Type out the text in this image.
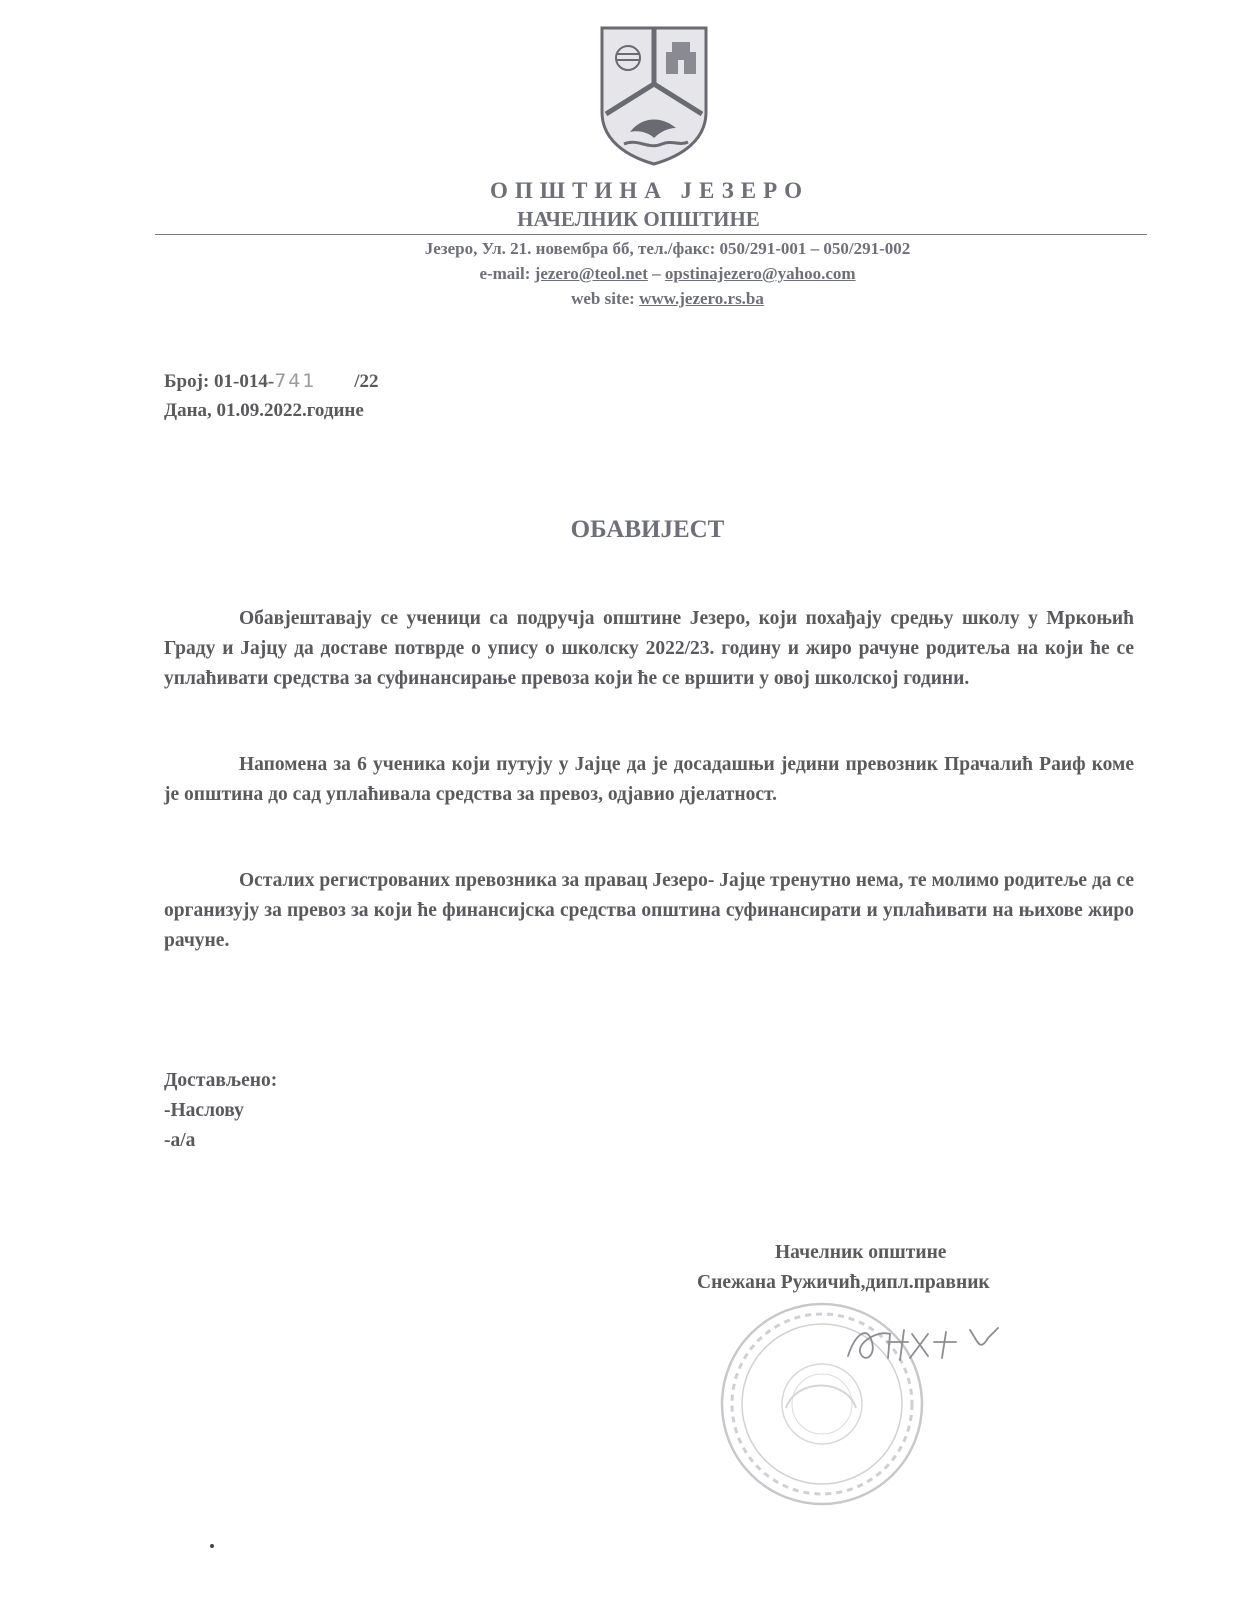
ОПШТИНА ЈЕЗЕРО
НАЧЕЛНИК ОПШТИНЕ
Језеро, Ул. 21. новембра бб, тел./факс: 050/291-001 – 050/291-002
e-mail: jezero@teol.net – opstinajezero@yahoo.com
web site: www.jezero.rs.ba
Број: 01-014-741 /22
Дана, 01.09.2022.године
ОБАВИЈЕСТ

Обавјештавају се ученици са подручја општине Језеро, који похађају средњу школу у Мркоњић Граду и Јајцу да доставе потврде о упису о школску 2022/23. годину и жиро рачуне родитеља на који ће се уплаћивати средства за суфинансирање превоза који ће се вршити у овој школској години.

Напомена за 6 ученика који путују у Јајце да је досадашњи једини превозник Прачалић Раиф коме је општина до сад уплаћивала средства за превоз, одјавио дјелатност.

Осталих регистрованих превозника за правац Језеро- Јајце тренутно нема, те молимо родитеље да се организују за превоз за који ће финансијска средства општина суфинансирати и уплаћивати на њихове жиро рачуне.

Достављено:
-Наслову
-а/а
Начелник општине
Снежана Ружичић,дипл.правник
